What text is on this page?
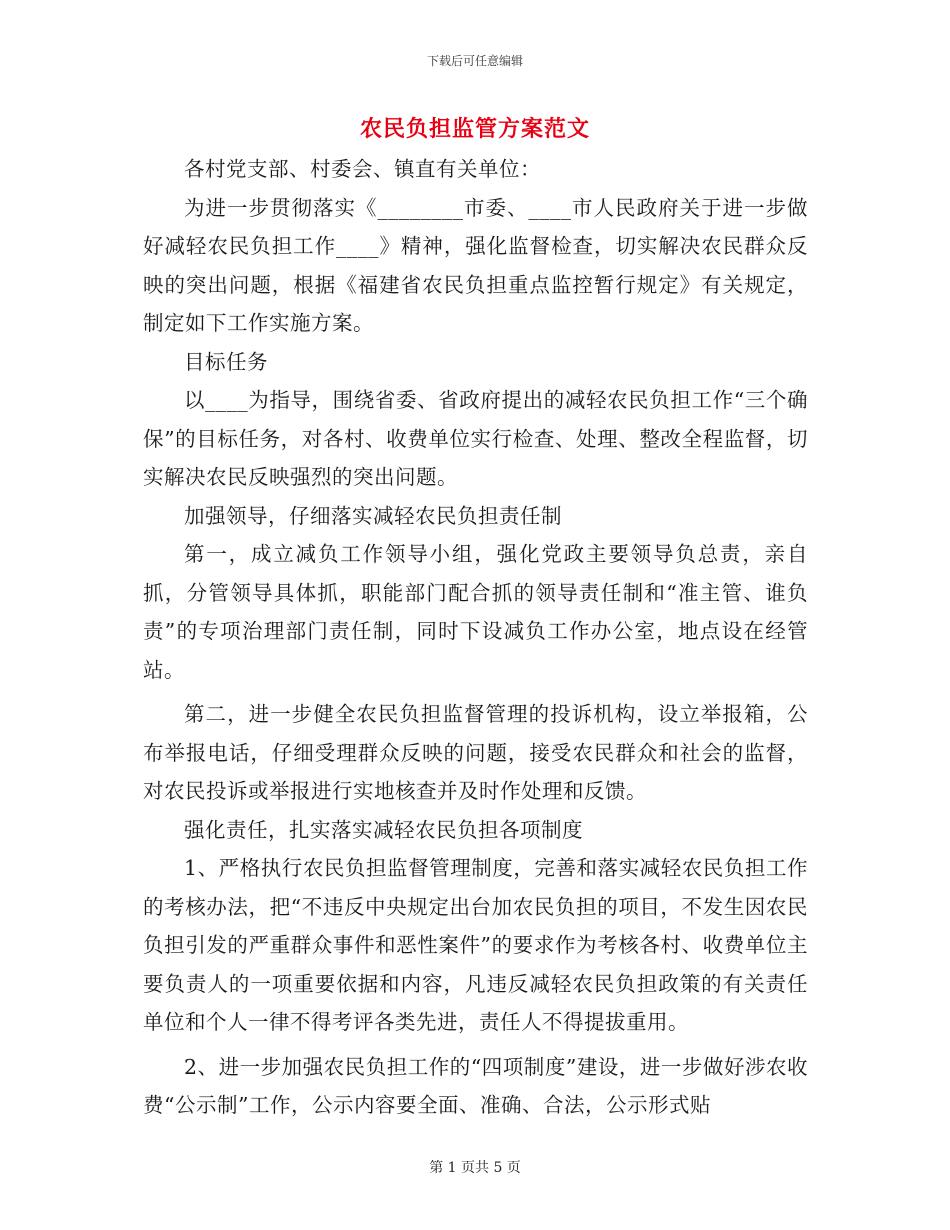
下载后可任意编辑
农民负担监管方案范文

各村党支部、村委会、镇直有关单位：

为进一步贯彻落实《________市委、____市人民政府关于进一步做好减轻农民负担工作____》精神，强化监督检查，切实解决农民群众反映的突出问题，根据《福建省农民负担重点监控暂行规定》有关规定，制定如下工作实施方案。

目标任务

以____为指导，围绕省委、省政府提出的减轻农民负担工作“三个确保”的目标任务，对各村、收费单位实行检查、处理、整改全程监督，切实解决农民反映强烈的突出问题。

加强领导，仔细落实减轻农民负担责任制

第一，成立减负工作领导小组，强化党政主要领导负总责，亲自抓，分管领导具体抓，职能部门配合抓的领导责任制和“准主管、谁负责”的专项治理部门责任制，同时下设减负工作办公室，地点设在经管站。

第二，进一步健全农民负担监督管理的投诉机构，设立举报箱，公布举报电话，仔细受理群众反映的问题，接受农民群众和社会的监督，对农民投诉或举报进行实地核查并及时作处理和反馈。

强化责任，扎实落实减轻农民负担各项制度

1、严格执行农民负担监督管理制度，完善和落实减轻农民负担工作的考核办法，把“不违反中央规定出台加农民负担的项目，不发生因农民负担引发的严重群众事件和恶性案件”的要求作为考核各村、收费单位主要负责人的一项重要依据和内容，凡违反减轻农民负担政策的有关责任单位和个人一律不得考评各类先进，责任人不得提拔重用。

2、进一步加强农民负担工作的“四项制度”建设，进一步做好涉农收费“公示制”工作，公示内容要全面、准确、合法，公示形式贴

第 1 页共 5 页
